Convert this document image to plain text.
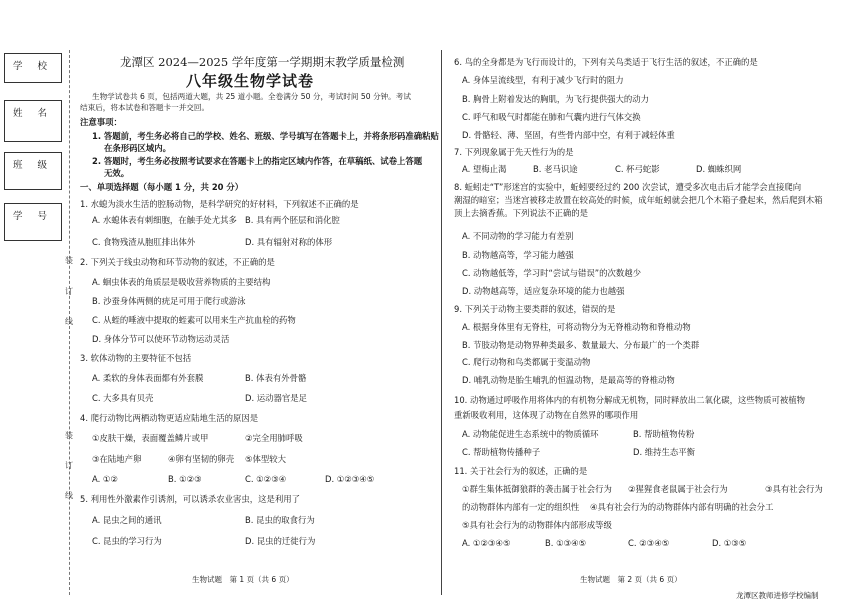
学 校
姓 名
班 级
学 号
装
订
线
装
订
线
龙潭区 2024—2025 学年度第一学期期末教学质量检测
八年级生物学试卷
生物学试卷共 6 页，包括两道大题，共 25 道小题。全卷满分 50 分，考试时间 50 分钟。考试
结束后，将本试卷和答题卡一并交回。
注意事项：
1. 答题前，考生务必将自己的学校、姓名、班级、学号填写在答题卡上，并将条形码准确粘贴
在条形码区域内。
2. 答题时，考生务必按照考试要求在答题卡上的指定区域内作答，在草稿纸、试卷上答题
无效。
一、单项选择题（每小题 1 分，共 20 分）
1. 水螅为淡水生活的腔肠动物，是科学研究的好材料，下列叙述不正确的是
A. 水螅体表有刺细胞，在触手处尤其多 B. 具有两个胚层和消化腔
C. 食物残渣从胞肛排出体外	D. 具有辐射对称的体形
2. 下列关于线虫动物和环节动物的叙述，不正确的是
A. 蛔虫体表的角质层是吸收营养物质的主要结构
B. 沙蚕身体两侧的疣足可用于爬行或游泳
C. 从蛭的唾液中提取的蛭素可以用来生产抗血栓的药物
D. 身体分节可以使环节动物运动灵活
3. 软体动物的主要特征不包括
A. 柔软的身体表面都有外套膜	B. 体表有外骨骼
C. 大多具有贝壳	D. 运动器官是足
4. 爬行动物比两栖动物更适应陆地生活的原因是
①皮肤干燥，表面覆盖鳞片或甲	②完全用肺呼吸
③在陆地产卵	④卵有坚韧的卵壳 ⑤体型较大
A. ①②	B. ①②③	C. ①②③④	D. ①②③④⑤
5. 利用性外激素作引诱剂，可以诱杀农业害虫，这是利用了
A. 昆虫之间的通讯	B. 昆虫的取食行为
C. 昆虫的学习行为	D. 昆虫的迁徙行为
生物试题　第 1 页（共 6 页）
6. 鸟的全身都是为飞行而设计的，下列有关鸟类适于飞行生活的叙述，不正确的是
A. 身体呈流线型，有利于减少飞行时的阻力
B. 胸骨上附着发达的胸肌，为飞行提供强大的动力
C. 呼气和吸气时都能在肺和气囊内进行气体交换
D. 骨骼轻、薄、坚固，有些骨内部中空，有利于减轻体重
7. 下列现象属于先天性行为的是
A. 望梅止渴	B. 老马识途	C. 杯弓蛇影	D. 蜘蛛织网
8. 蚯蚓走“T”形迷宫的实验中，蚯蚓要经过约 200 次尝试，遭受多次电击后才能学会直接爬向
潮湿的暗室；当迷宫被移走放置在较高处的时候，成年蚯蚓就会把几个木箱子叠起来，然后爬到木箱
顶上去摘香蕉。下列说法不正确的是
A. 不同动物的学习能力有差别
B. 动物越高等，学习能力越强
C. 动物越低等，学习时“尝试与错误”的次数越少
D. 动物越高等，适应复杂环境的能力也越强
9. 下列关于动物主要类群的叙述，错误的是
A. 根据身体里有无脊柱，可将动物分为无脊椎动物和脊椎动物
B. 节肢动物是动物界种类最多、数量最大、分布最广的一个类群
C. 爬行动物和鸟类都属于变温动物
D. 哺乳动物是胎生哺乳的恒温动物，是最高等的脊椎动物
10. 动物通过呼吸作用将体内的有机物分解成无机物，同时释放出二氧化碳，这些物质可被植物
重新吸收利用，这体现了动物在自然界的哪项作用
A. 动物能促进生态系统中的物质循环	B. 帮助植物传粉
C. 帮助植物传播种子	D. 维持生态平衡
11. 关于社会行为的叙述，正确的是
①群生集体抵御狼群的袭击属于社会行为 ②猩猩食老鼠属于社会行为	③具有社会行为
的动物群体内部有一定的组织性 ④具有社会行为的动物群体内部有明确的社会分工
⑤具有社会行为的动物群体内部形成等级
A. ①②③④⑤	B. ①③④⑤	C. ②③④⑤	D. ①③⑤
生物试题　第 2 页（共 6 页）
龙潭区教师进修学校编制
